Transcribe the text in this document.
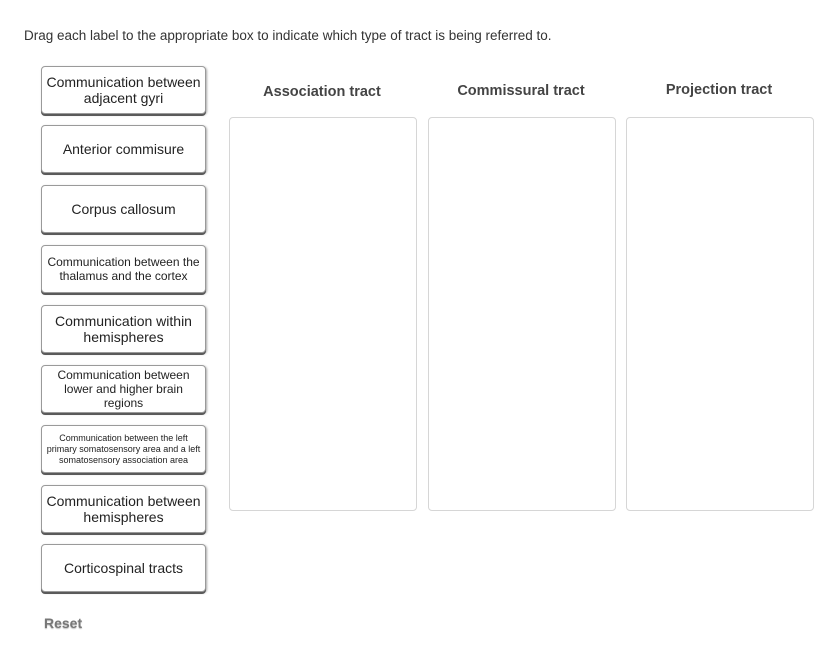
Drag each label to the appropriate box to indicate which type of tract is being referred to.
Communication between adjacent gyri
Anterior commisure
Corpus callosum
Communication between the thalamus and the cortex
Communication within hemispheres
Communication between lower and higher brain regions
Communication between the left primary somatosensory area and a left somatosensory association area
Communication between hemispheres
Corticospinal tracts
Association tract	Commissural tract	Projection tract
Reset
